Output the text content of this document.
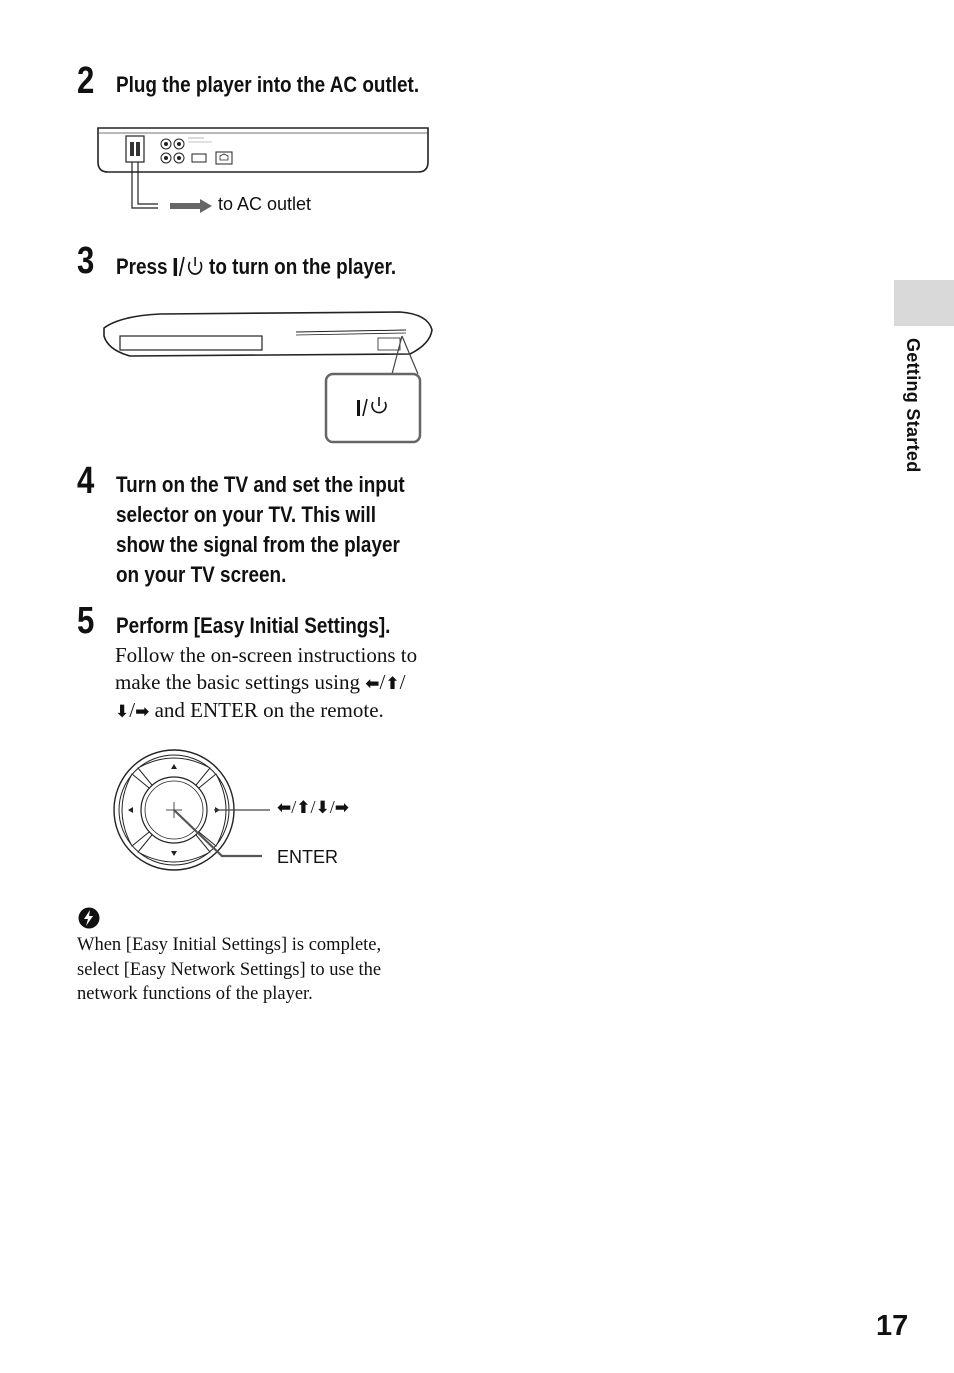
2 Plug the player into the AC outlet.
to AC outlet
3 Press  to turn on the player.
4 Turn on the TV and set the input
selector on your TV. This will
show the signal from the player
on your TV screen.
5 Perform [Easy Initial Settings].
Follow the on-screen instructions to
make the basic settings using ⬅/⬆/
⬇/➡ and ENTER on the remote.
⬅/⬆/⬇/➡
ENTER
When [Easy Initial Settings] is complete,
select [Easy Network Settings] to use the
network functions of the player.
Getting Started
17
